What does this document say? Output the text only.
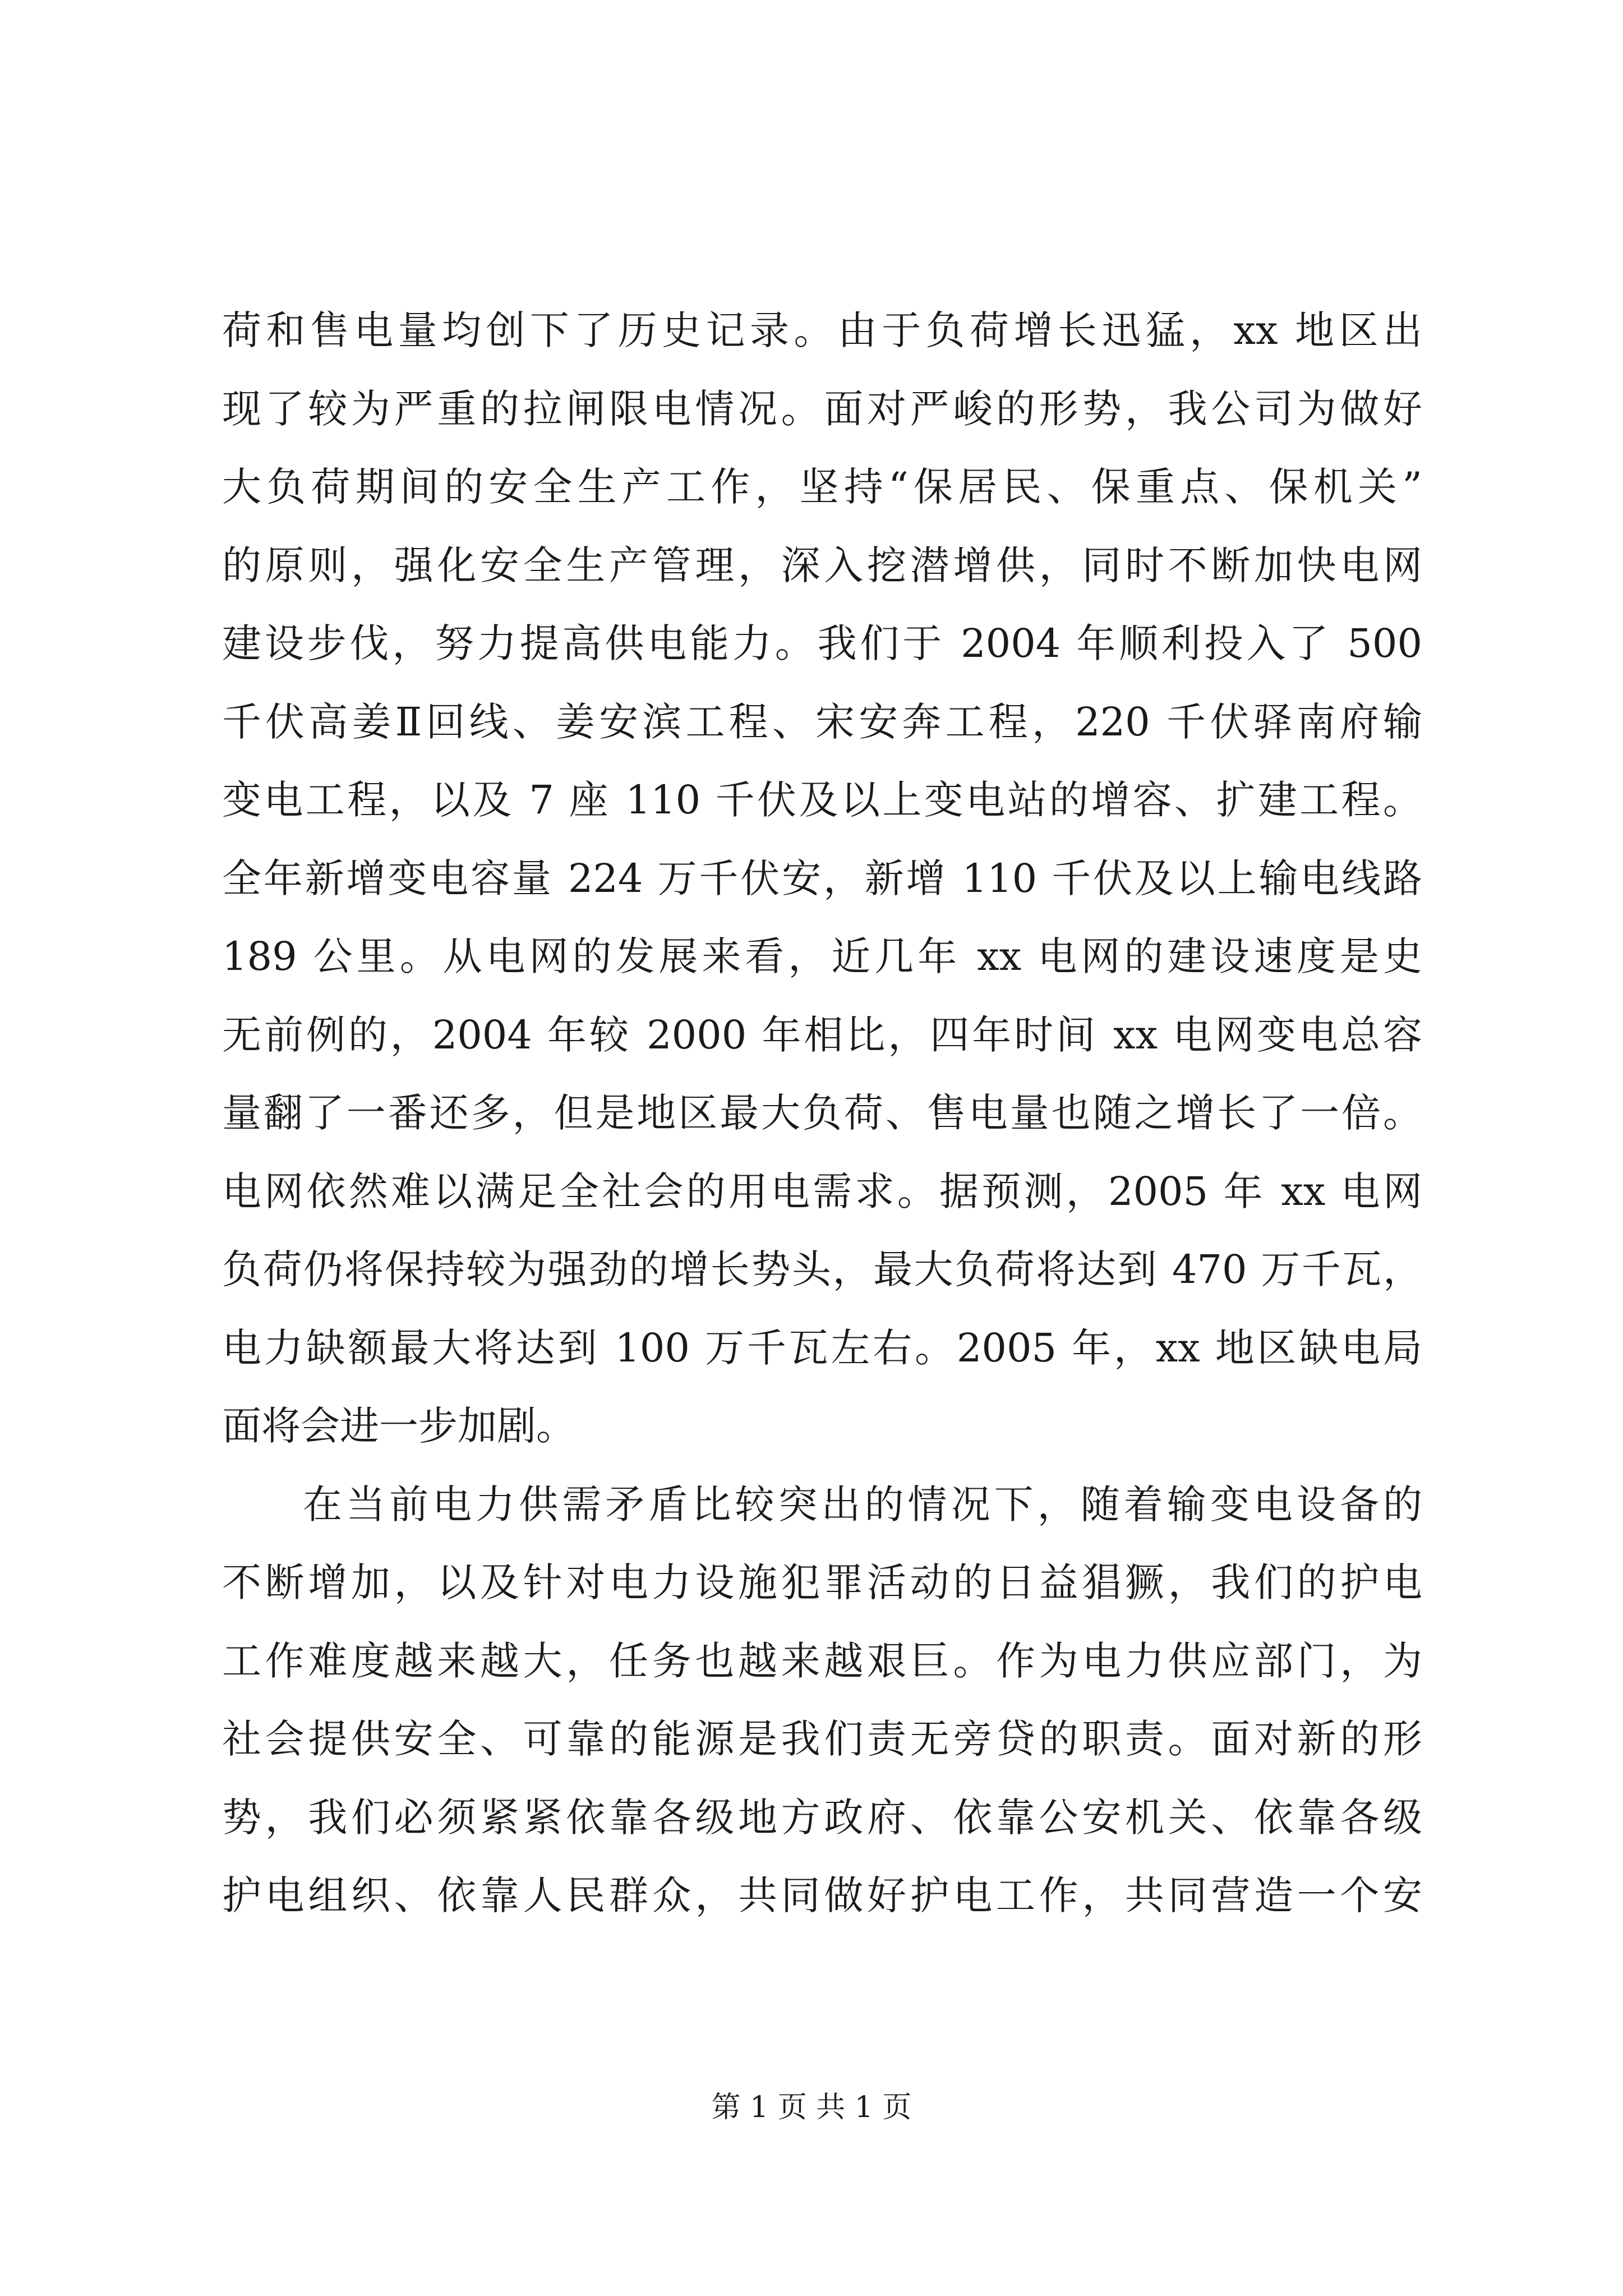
荷和售电量均创下了历史记录。由于负荷增长迅猛，xx 地区出
现了较为严重的拉闸限电情况。面对严峻的形势，我公司为做好
大负荷期间的安全生产工作，坚持“保居民、保重点、保机关”
的原则，强化安全生产管理，深入挖潜增供，同时不断加快电网
建设步伐，努力提高供电能力。我们于 2004 年顺利投入了 500
千伏高姜Ⅱ回线、姜安滨工程、宋安奔工程，220 千伏驿南府输
变电工程，以及 7 座 110 千伏及以上变电站的增容、扩建工程。
全年新增变电容量 224 万千伏安，新增 110 千伏及以上输电线路
189 公里。从电网的发展来看，近几年 xx 电网的建设速度是史
无前例的，2004 年较 2000 年相比，四年时间 xx 电网变电总容
量翻了一番还多，但是地区最大负荷、售电量也随之增长了一倍。
电网依然难以满足全社会的用电需求。据预测，2005 年 xx 电网
负荷仍将保持较为强劲的增长势头，最大负荷将达到 470 万千瓦，
电力缺额最大将达到 100 万千瓦左右。2005 年，xx 地区缺电局
面将会进一步加剧。
在当前电力供需矛盾比较突出的情况下，随着输变电设备的
不断增加，以及针对电力设施犯罪活动的日益猖獗，我们的护电
工作难度越来越大，任务也越来越艰巨。作为电力供应部门，为
社会提供安全、可靠的能源是我们责无旁贷的职责。面对新的形
势，我们必须紧紧依靠各级地方政府、依靠公安机关、依靠各级
护电组织、依靠人民群众，共同做好护电工作，共同营造一个安
第 1 页 共 1 页
